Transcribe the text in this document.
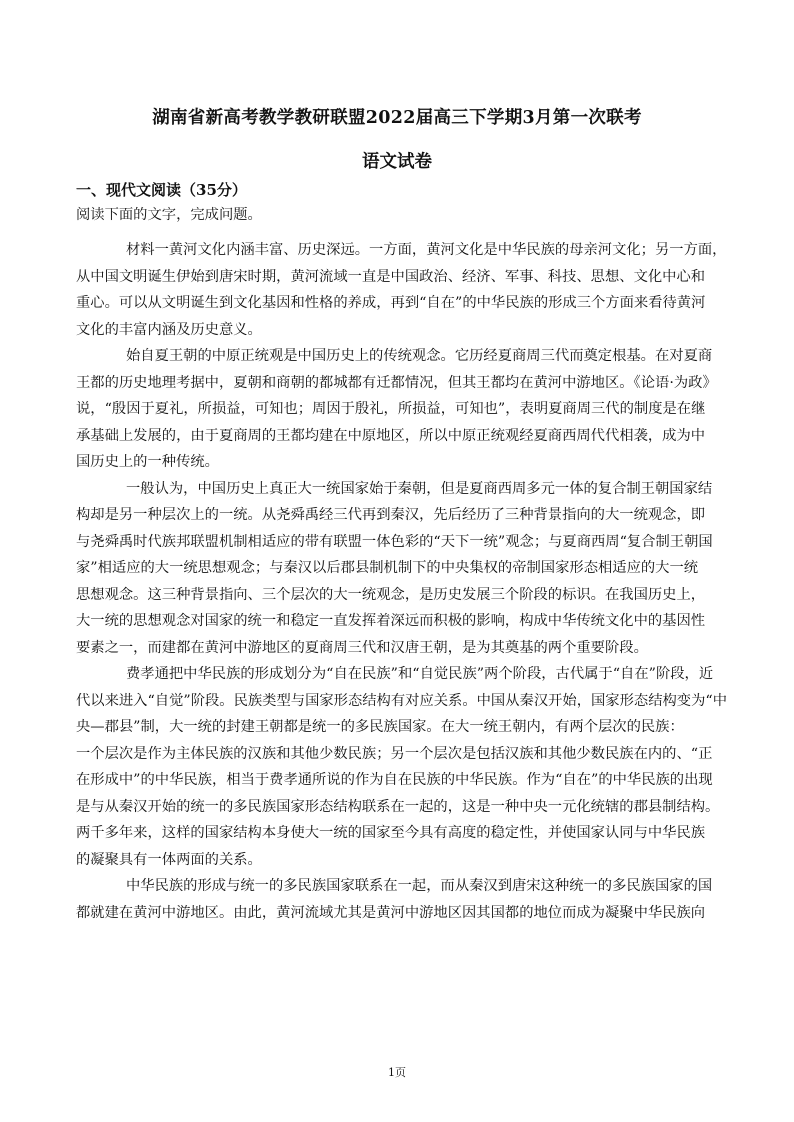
湖南省新高考教学教研联盟2022届高三下学期3月第一次联考
语文试卷
一、现代文阅读（35分）
阅读下面的文字，完成问题。
材料一黄河文化内涵丰富、历史深远。一方面，黄河文化是中华民族的母亲河文化；另一方面，
从中国文明诞生伊始到唐宋时期，黄河流域一直是中国政治、经济、军事、科技、思想、文化中心和
重心。可以从文明诞生到文化基因和性格的养成，再到“自在”的中华民族的形成三个方面来看待黄河
文化的丰富内涵及历史意义。
始自夏王朝的中原正统观是中国历史上的传统观念。它历经夏商周三代而奠定根基。在对夏商
王都的历史地理考据中，夏朝和商朝的都城都有迁都情况，但其王都均在黄河中游地区。《论语·为政》
说，“殷因于夏礼，所损益，可知也；周因于殷礼，所损益，可知也”，表明夏商周三代的制度是在继
承基础上发展的，由于夏商周的王都均建在中原地区，所以中原正统观经夏商西周代代相袭，成为中
国历史上的一种传统。
一般认为，中国历史上真正大一统国家始于秦朝，但是夏商西周多元一体的复合制王朝国家结
构却是另一种层次上的一统。从尧舜禹经三代再到秦汉，先后经历了三种背景指向的大一统观念，即
与尧舜禹时代族邦联盟机制相适应的带有联盟一体色彩的“天下一统”观念；与夏商西周“复合制王朝国
家”相适应的大一统思想观念；与秦汉以后郡县制机制下的中央集权的帝制国家形态相适应的大一统
思想观念。这三种背景指向、三个层次的大一统观念，是历史发展三个阶段的标识。在我国历史上，
大一统的思想观念对国家的统一和稳定一直发挥着深远而积极的影响，构成中华传统文化中的基因性
要素之一，而建都在黄河中游地区的夏商周三代和汉唐王朝，是为其奠基的两个重要阶段。
费孝通把中华民族的形成划分为“自在民族”和“自觉民族”两个阶段，古代属于“自在”阶段，近
代以来进入“自觉”阶段。民族类型与国家形态结构有对应关系。中国从秦汉开始，国家形态结构变为“中
央—郡县”制，大一统的封建王朝都是统一的多民族国家。在大一统王朝内，有两个层次的民族：
一个层次是作为主体民族的汉族和其他少数民族；另一个层次是包括汉族和其他少数民族在内的、“正
在形成中”的中华民族，相当于费孝通所说的作为自在民族的中华民族。作为“自在”的中华民族的出现
是与从秦汉开始的统一的多民族国家形态结构联系在一起的，这是一种中央一元化统辖的郡县制结构。
两千多年来，这样的国家结构本身使大一统的国家至今具有高度的稳定性，并使国家认同与中华民族
的凝聚具有一体两面的关系。
中华民族的形成与统一的多民族国家联系在一起，而从秦汉到唐宋这种统一的多民族国家的国
都就建在黄河中游地区。由此，黄河流域尤其是黄河中游地区因其国都的地位而成为凝聚中华民族向
1页
